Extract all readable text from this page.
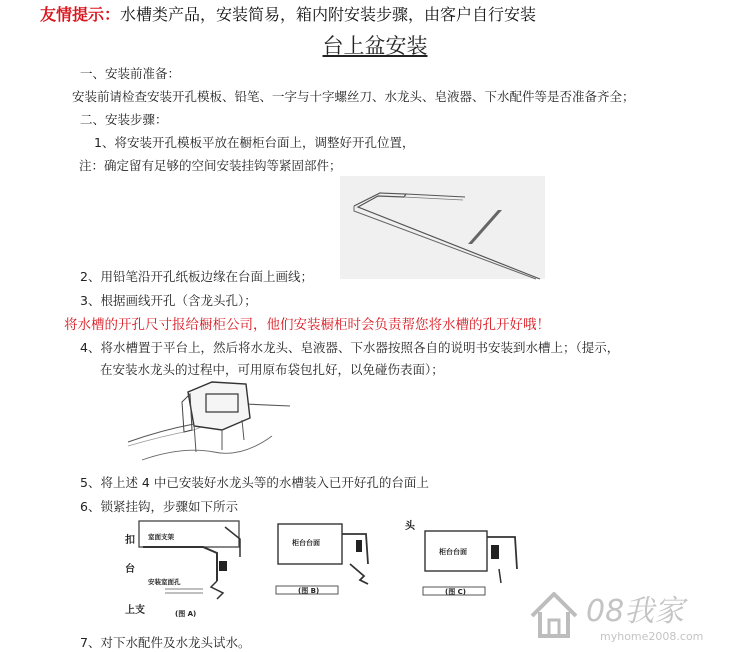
友情提示：水槽类产品，安装简易，箱内附安装步骤，由客户自行安装
台上盆安装
一、安装前准备：
安装前请检查安装开孔模板、铅笔、一字与十字螺丝刀、水龙头、皂液器、下水配件等是否准备齐全；
二、安装步骤：
1、将安装开孔模板平放在橱柜台面上，调整好开孔位置，
注：确定留有足够的空间安装挂钩等紧固部件；
2、用铅笔沿开孔纸板边缘在台面上画线；
3、根据画线开孔（含龙头孔）；
将水槽的开孔尺寸报给橱柜公司，他们安装橱柜时会负责帮您将水槽的孔开好哦！
4、将水槽置于平台上，然后将水龙头、皂液器、下水器按照各自的说明书安装到水槽上；（提示，
在安装水龙头的过程中，可用原布袋包扎好，以免碰伤表面）；
5、将上述 4 中已安装好水龙头等的水槽装入已开好孔的台面上
6、锁紧挂钩，步骤如下所示
扣
台
上支
室面支架
安装室面孔
(图 A)
柜台台面
(图 B)
头
柜台台面
(图 C)
7、对下水配件及水龙头试水。
08我家
myhome2008.com
